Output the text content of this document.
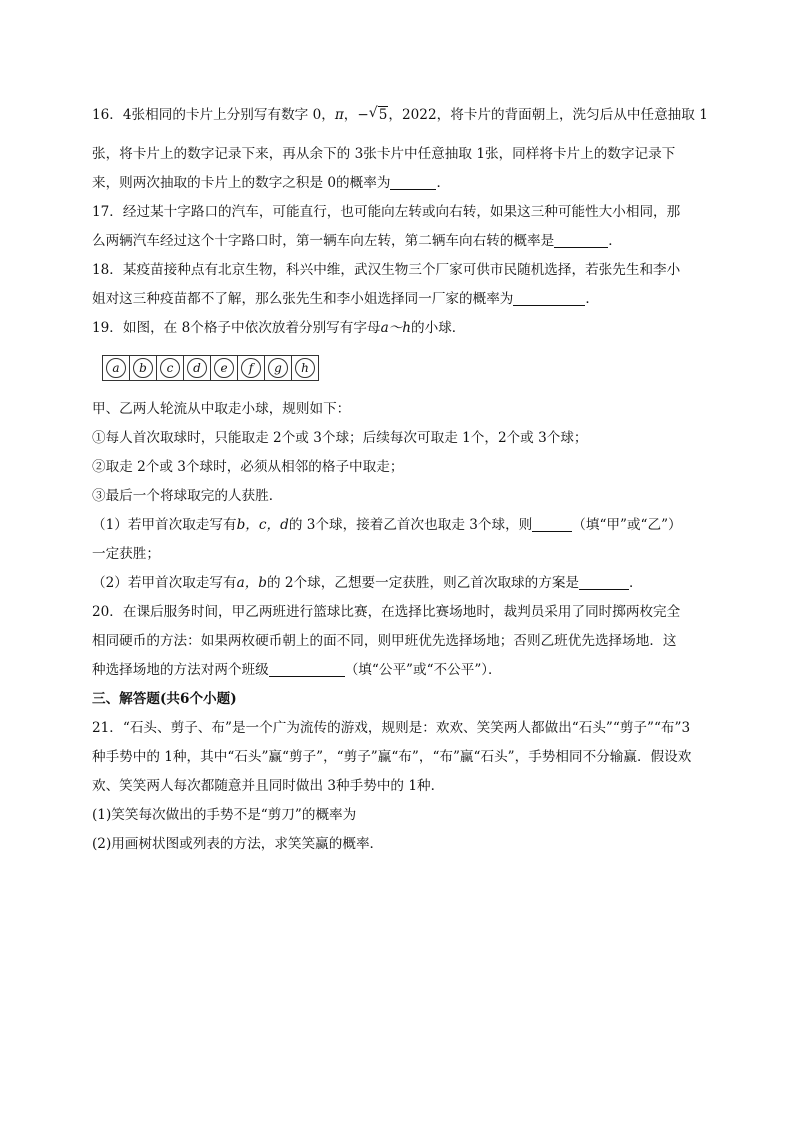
16．4张相同的卡片上分别写有数字 0，π，− √ 5，2022，将卡片的背面朝上，洗匀后从中任意抽取 1
张，将卡片上的数字记录下来，再从余下的 3张卡片中任意抽取 1张，同样将卡片上的数字记录下
来，则两次抽取的卡片上的数字之积是 0的概率为	．
17．经过某十字路口的汽车，可能直行，也可能向左转或向右转，如果这三种可能性大小相同，那
么两辆汽车经过这个十字路口时，第一辆车向左转，第二辆车向右转的概率是	．
18．某疫苗接种点有北京生物，科兴中维，武汉生物三个厂家可供市民随机选择，若张先生和李小
姐对这三种疫苗都不了解，那么张先生和李小姐选择同一厂家的概率为	．
19．如图，在 8个格子中依次放着分别写有字母a～h的小球．
a	b	c	d	e	f	g	h
甲、乙两人轮流从中取走小球，规则如下：
①每人首次取球时，只能取走 2个或 3个球；后续每次可取走 1个，2个或 3个球；
②取走 2个或 3个球时，必须从相邻的格子中取走；
③最后一个将球取完的人获胜．
（1）若甲首次取走写有b，c，d的 3个球，接着乙首次也取走 3个球，则	（填“甲”或“乙”）
一定获胜；
（2）若甲首次取走写有a，b的 2个球，乙想要一定获胜，则乙首次取球的方案是	．
20．在课后服务时间，甲乙两班进行篮球比赛，在选择比赛场地时，裁判员采用了同时掷两枚完全
相同硬币的方法：如果两枚硬币朝上的面不同，则甲班优先选择场地；否则乙班优先选择场地．这
种选择场地的方法对两个班级	（填“公平”或“不公平”）．
三、解答题(共6个小题)
21．“石头、剪子、布”是一个广为流传的游戏，规则是：欢欢、笑笑两人都做出“石头”“剪子”“布”3
种手势中的 1种，其中“石头”赢“剪子”，“剪子”赢“布”，“布”赢“石头”，手势相同不分输赢．假设欢
欢、笑笑两人每次都随意并且同时做出 3种手势中的 1种．
(1)笑笑每次做出的手势不是“剪刀”的概率为
(2)用画树状图或列表的方法，求笑笑赢的概率．
